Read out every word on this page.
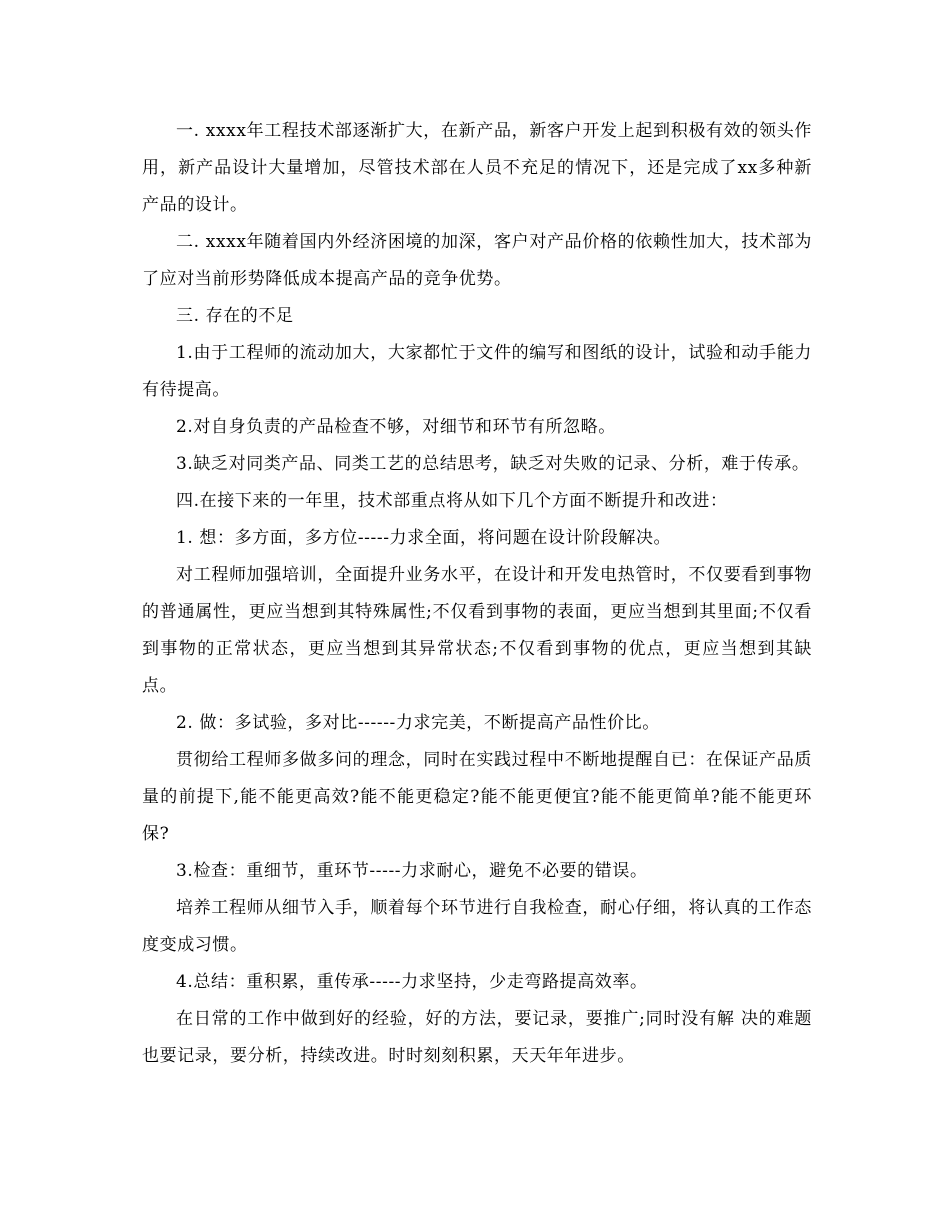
一. xxxx年工程技术部逐渐扩大，在新产品，新客户开发上起到积极有效的领头作用，新产品设计大量增加，尽管技术部在人员不充足的情况下，还是完成了xx多种新产品的设计。

二. xxxx年随着国内外经济困境的加深，客户对产品价格的依赖性加大，技术部为了应对当前形势降低成本提高产品的竞争优势。

三. 存在的不足

1.由于工程师的流动加大，大家都忙于文件的编写和图纸的设计，试验和动手能力有待提高。

2.对自身负责的产品检查不够，对细节和环节有所忽略。

3.缺乏对同类产品、同类工艺的总结思考，缺乏对失败的记录、分析，难于传承。

四.在接下来的一年里，技术部重点将从如下几个方面不断提升和改进：

1. 想：多方面，多方位-----力求全面，将问题在设计阶段解决。

对工程师加强培训，全面提升业务水平，在设计和开发电热管时，不仅要看到事物的普通属性，更应当想到其特殊属性;不仅看到事物的表面，更应当想到其里面;不仅看到事物的正常状态，更应当想到其异常状态;不仅看到事物的优点，更应当想到其缺点。

2. 做：多试验，多对比------力求完美，不断提高产品性价比。

贯彻给工程师多做多问的理念，同时在实践过程中不断地提醒自已：在保证产品质量的前提下,能不能更高效?能不能更稳定?能不能更便宜?能不能更简单?能不能更环保?

3.检查：重细节，重环节-----力求耐心，避免不必要的错误。

培养工程师从细节入手，顺着每个环节进行自我检查，耐心仔细，将认真的工作态度变成习惯。

4.总结：重积累，重传承-----力求坚持，少走弯路提高效率。

在日常的工作中做到好的经验，好的方法，要记录，要推广;同时没有解 决的难题也要记录，要分析，持续改进。时时刻刻积累，天天年年进步。
